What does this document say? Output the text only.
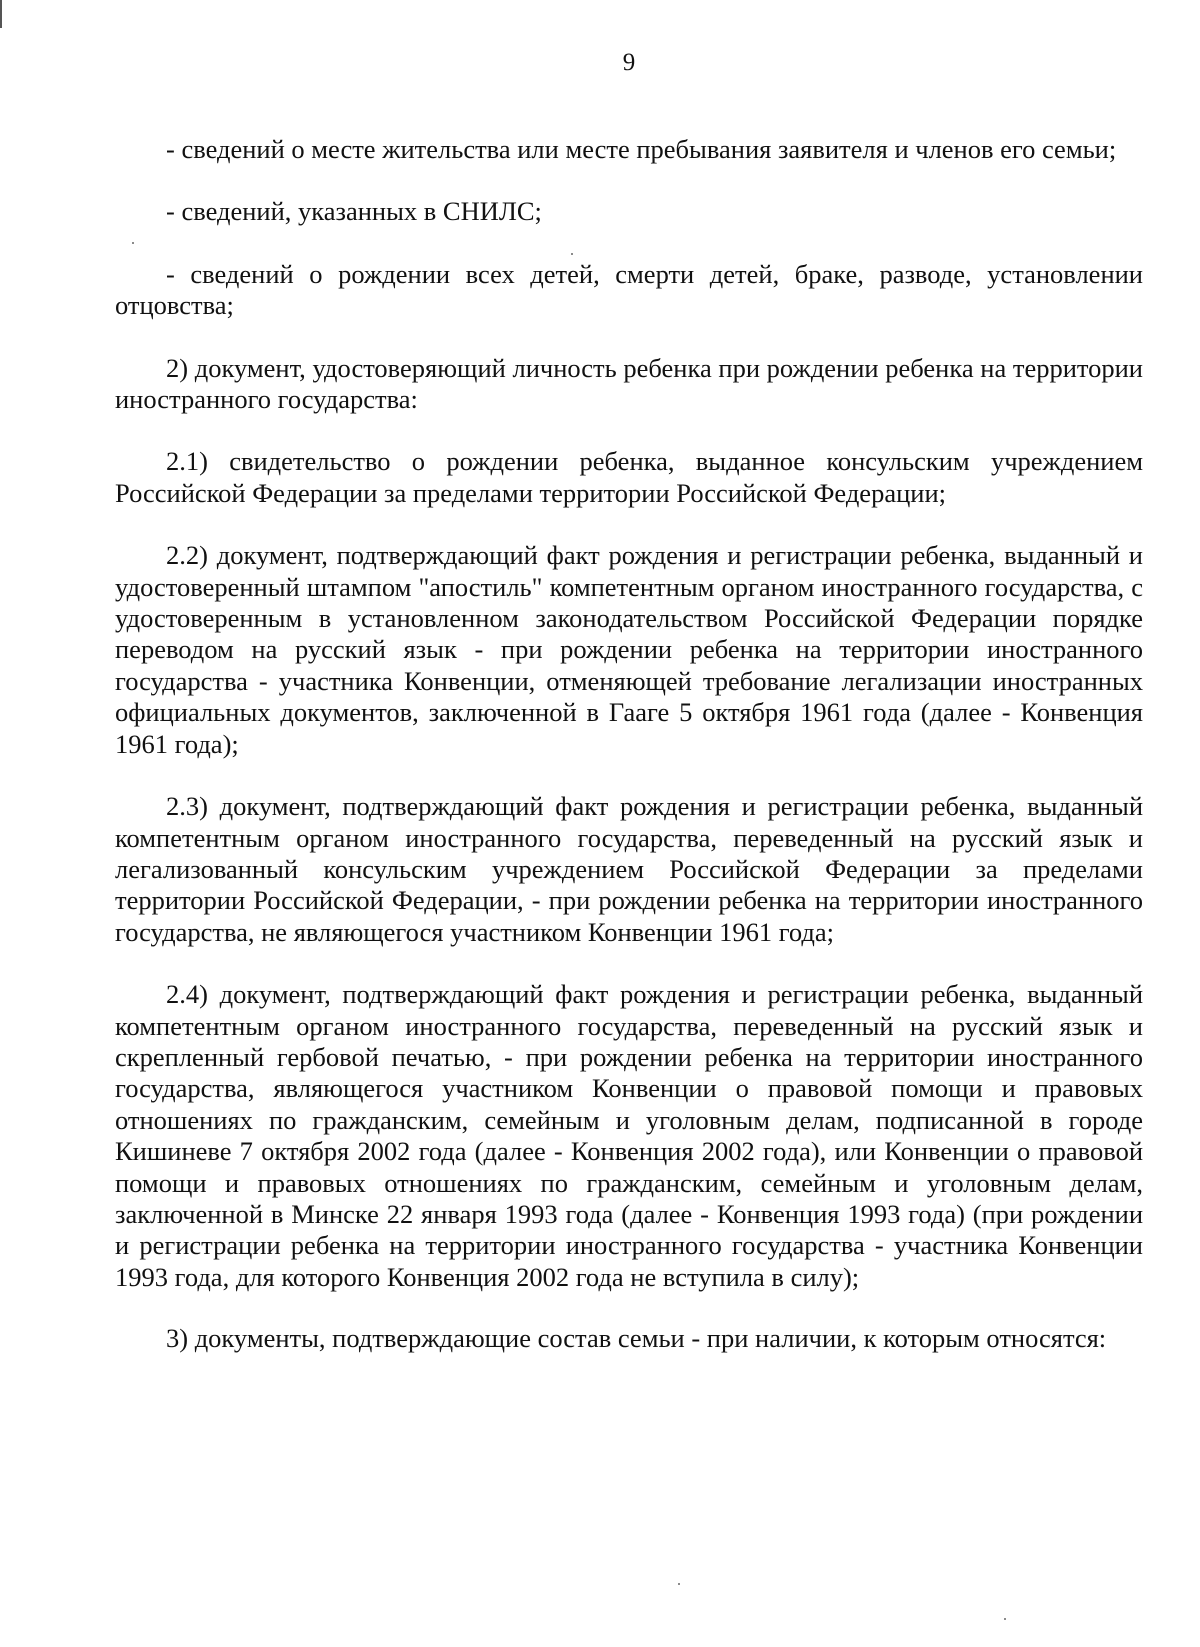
9

- сведений о месте жительства или месте пребывания заявителя и членов его семьи;

- сведений, указанных в СНИЛС;

- сведений о рождении всех детей, смерти детей, браке, разводе, установлении отцовства;

2) документ, удостоверяющий личность ребенка при рождении ребенка на территории иностранного государства:

2.1) свидетельство о рождении ребенка, выданное консульским учреждением Российской Федерации за пределами территории Российской Федерации;

2.2) документ, подтверждающий факт рождения и регистрации ребенка, выданный и удостоверенный штампом "апостиль" компетентным органом иностранного государства, с удостоверенным в установленном законодательством Российской Федерации порядке переводом на русский язык - при рождении ребенка на территории иностранного государства - участника Конвенции, отменяющей требование легализации иностранных официальных документов, заключенной в Гааге 5 октября 1961 года (далее - Конвенция 1961 года);

2.3) документ, подтверждающий факт рождения и регистрации ребенка, выданный компетентным органом иностранного государства, переведенный на русский язык и легализованный консульским учреждением Российской Федерации за пределами территории Российской Федерации, - при рождении ребенка на территории иностранного государства, не являющегося участником Конвенции 1961 года;

2.4) документ, подтверждающий факт рождения и регистрации ребенка, выданный компетентным органом иностранного государства, переведенный на русский язык и скрепленный гербовой печатью, - при рождении ребенка на территории иностранного государства, являющегося участником Конвенции о правовой помощи и правовых отношениях по гражданским, семейным и уголовным делам, подписанной в городе Кишиневе 7 октября 2002 года (далее - Конвенция 2002 года), или Конвенции о правовой помощи и правовых отношениях по гражданским, семейным и уголовным делам, заключенной в Минске 22 января 1993 года (далее - Конвенция 1993 года) (при рождении и регистрации ребенка на территории иностранного государства - участника Конвенции 1993 года, для которого Конвенция 2002 года не вступила в силу);

3) документы, подтверждающие состав семьи - при наличии, к которым относятся:
